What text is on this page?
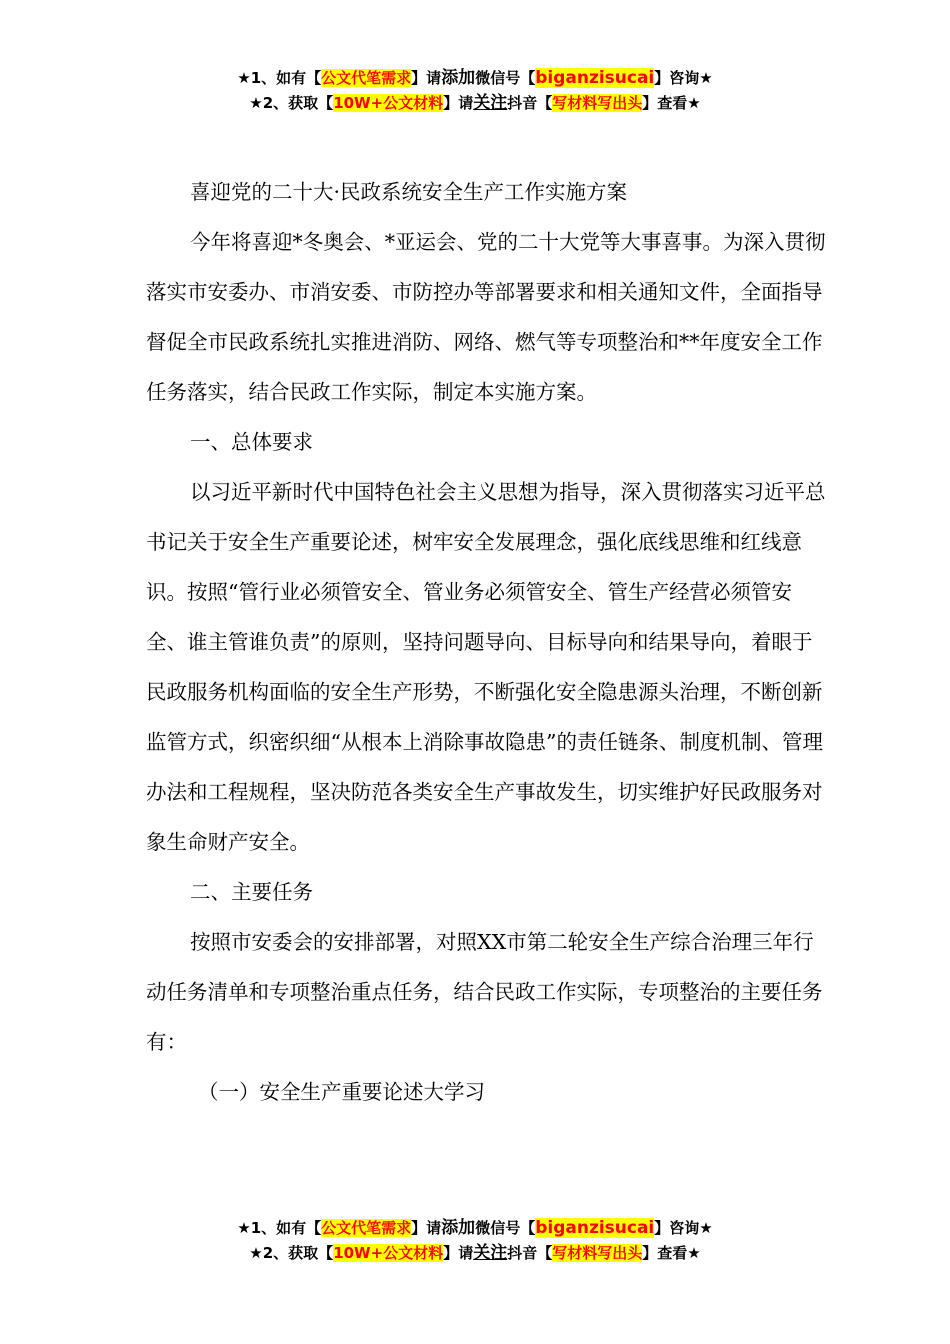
★1、如有【公文代笔需求】请添加微信号【biganzisucai】咨询★
★2、获取【10W+公文材料】请关注抖音【写材料写出头】查看★

喜迎党的二十大·民政系统安全生产工作实施方案

今年将喜迎*冬奥会、*亚运会、党的二十大党等大事喜事。为深入贯彻落实市安委办、市消安委、市防控办等部署要求和相关通知文件，全面指导督促全市民政系统扎实推进消防、网络、燃气等专项整治和**年度安全工作任务落实，结合民政工作实际，制定本实施方案。

一、总体要求

以习近平新时代中国特色社会主义思想为指导，深入贯彻落实习近平总书记关于安全生产重要论述，树牢安全发展理念，强化底线思维和红线意识。按照“管行业必须管安全、管业务必须管安全、管生产经营必须管安全、谁主管谁负责”的原则，坚持问题导向、目标导向和结果导向，着眼于民政服务机构面临的安全生产形势，不断强化安全隐患源头治理，不断创新监管方式，织密织细“从根本上消除事故隐患”的责任链条、制度机制、管理办法和工程规程，坚决防范各类安全生产事故发生，切实维护好民政服务对象生命财产安全。

二、主要任务

按照市安委会的安排部署，对照XX市第二轮安全生产综合治理三年行动任务清单和专项整治重点任务，结合民政工作实际，专项整治的主要任务有：

（一）安全生产重要论述大学习

★1、如有【公文代笔需求】请添加微信号【biganzisucai】咨询★
★2、获取【10W+公文材料】请关注抖音【写材料写出头】查看★
